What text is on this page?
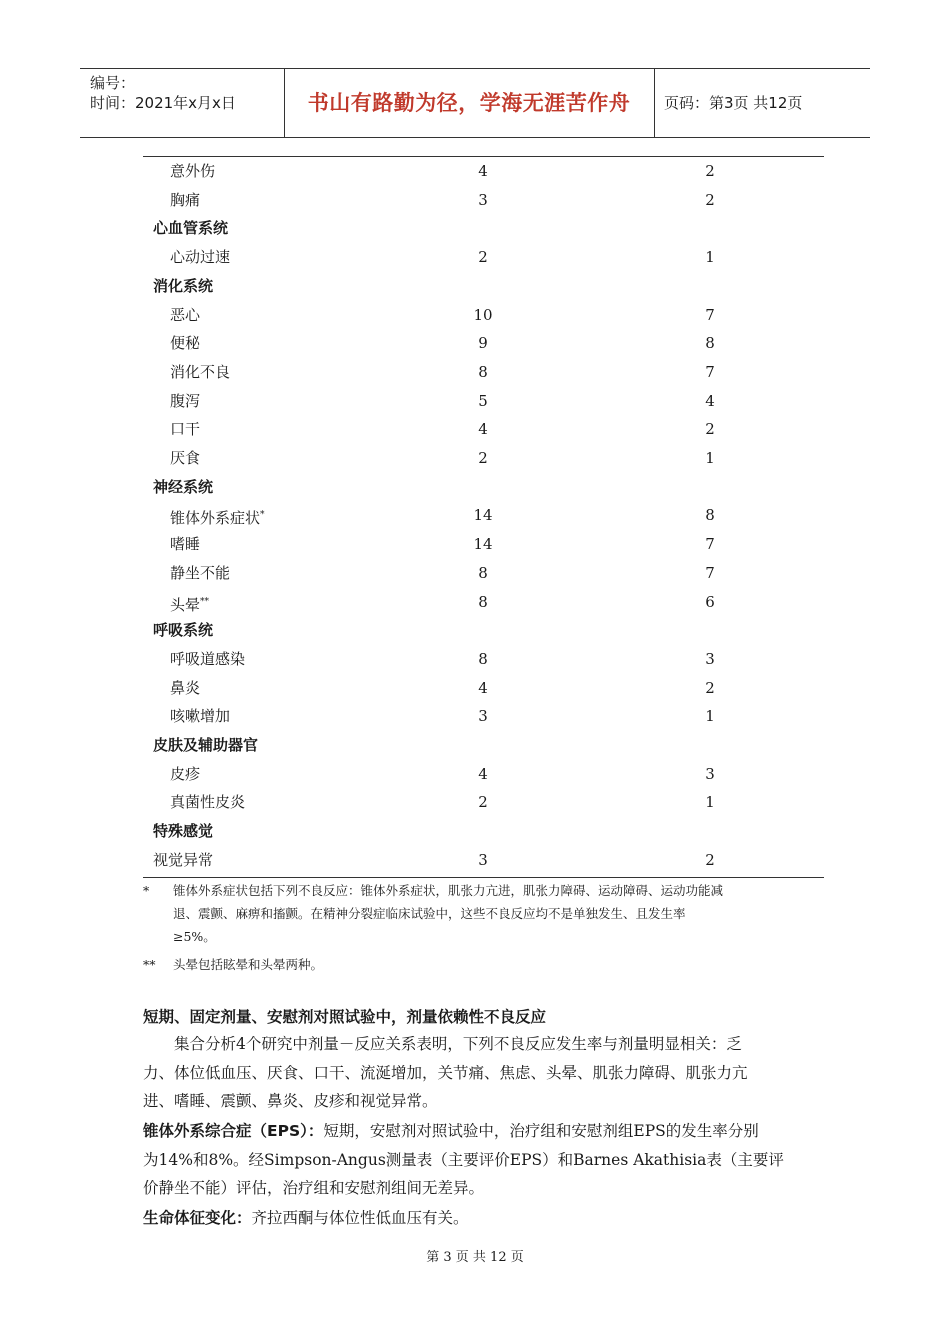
编号：
时间：2021年x月x日	书山有路勤为径，学海无涯苦作舟	页码：第3页 共12页
意外伤	4	2
胸痛	3	2
心血管系统
心动过速	2	1
消化系统
恶心	10	7
便秘	9	8
消化不良	8	7
腹泻	5	4
口干	4	2
厌食	2	1
神经系统
锥体外系症状*	14	8
嗜睡	14	7
静坐不能	8	7
头晕**	8	6
呼吸系统
呼吸道感染	8	3
鼻炎	4	2
咳嗽增加	3	1
皮肤及辅助器官
皮疹	4	3
真菌性皮炎	2	1
特殊感觉
视觉异常	3	2
* 锥体外系症状包括下列不良反应：锥体外系症状，肌张力亢进，肌张力障碍、运动障碍、运动功能减
退、震颤、麻痹和搐颤。在精神分裂症临床试验中，这些不良反应均不是单独发生、且发生率
≥5%。
** 头晕包括眩晕和头晕两种。
短期、固定剂量、安慰剂对照试验中，剂量依赖性不良反应
集合分析4个研究中剂量－反应关系表明，下列不良反应发生率与剂量明显相关：乏
力、体位低血压、厌食、口干、流涎增加，关节痛、焦虑、头晕、肌张力障碍、肌张力亢
进、嗜睡、震颤、鼻炎、皮疹和视觉异常。
锥体外系综合症（EPS）：短期，安慰剂对照试验中，治疗组和安慰剂组EPS的发生率分别
为14%和8%。经Simpson-Angus测量表（主要评价EPS）和Barnes Akathisia表（主要评
价静坐不能）评估，治疗组和安慰剂组间无差异。
生命体征变化：齐拉西酮与体位性低血压有关。
第 3 页 共 12 页
